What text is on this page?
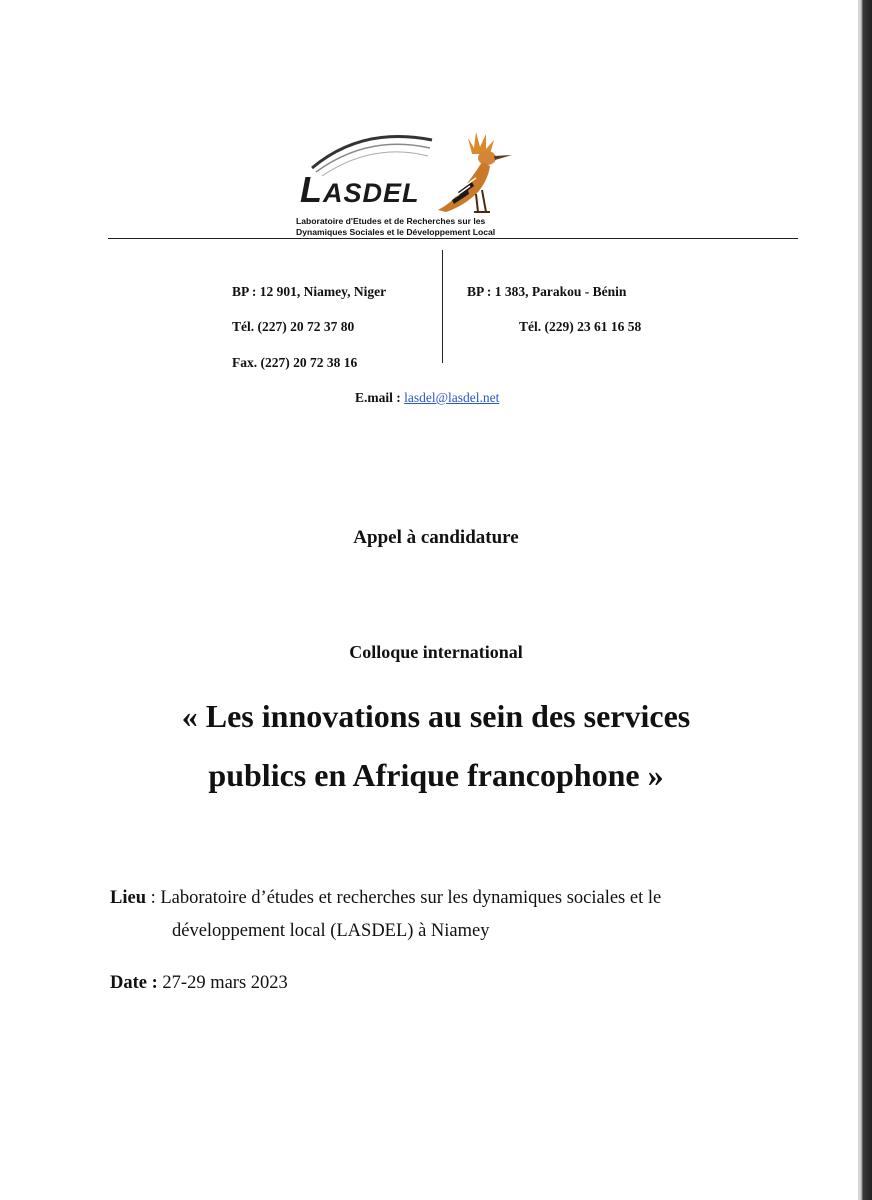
LASDEL
Laboratoire d'Etudes et de Recherches sur les
Dynamiques Sociales et le Développement Local
BP : 12 901, Niamey, Niger
Tél. (227) 20 72 37 80
Fax. (227) 20 72 38 16
BP : 1 383, Parakou - Bénin
Tél. (229) 23 61 16 58
E.mail : lasdel@lasdel.net
Appel à candidature
Colloque international
« Les innovations au sein des services
publics en Afrique francophone »
Lieu : Laboratoire d’études et recherches sur les dynamiques sociales et le
développement local (LASDEL) à Niamey
Date : 27-29 mars 2023
